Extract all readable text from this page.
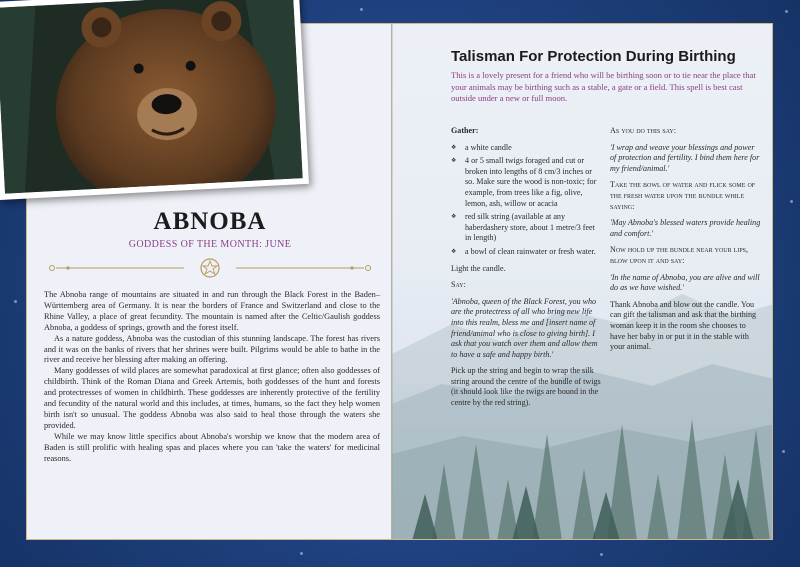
ABNOBA
GODDESS OF THE MONTH: JUNE

The Abnoba range of mountains are situated in and run through the Black Forest in the Baden–Württemberg area of Germany. It is near the borders of France and Switzerland and close to the Rhine Valley, a place of great fecundity. The mountain is named after the Celtic/Gaulish goddess Abnoba, a goddess of springs, growth and the forest itself.

As a nature goddess, Abnoba was the custodian of this stunning landscape. The forest has rivers and it was on the banks of rivers that her shrines were built. Pilgrims would be able to bathe in the river and receive her blessing after making an offering.

Many goddesses of wild places are somewhat paradoxical at first glance; often also goddesses of childbirth. Think of the Roman Diana and Greek Artemis, both goddesses of the hunt and forests and protectresses of women in childbirth. These goddesses are inherently protective of the fertility and fecundity of the natural world and this includes, at times, humans, so the fact they help women birth isn't so unusual. The goddess Abnoba was also said to heal those through the waters she provided.

While we may know little specifics about Abnoba's worship we know that the modern area of Baden is still prolific with healing spas and places where you can 'take the waters' for medicinal reasons.

Talisman For Protection During Birthing
This is a lovely present for a friend who will be birthing soon or to tie near the place that your animals may be birthing such as a stable, a gate or a field. This spell is best cast outside under a new or full moon.
Gather:
❖ a white candle
❖ 4 or 5 small twigs foraged and cut or broken into lengths of 8 cm/3 inches or so. Make sure the wood is non-toxic; for example, from trees like a fig, olive, lemon, ash, willow or acacia
❖ red silk string (available at any haberdashery store, about 1 metre/3 feet in length)
❖ a bowl of clean rainwater or fresh water.
Light the candle.
Say:
'Abnoba, queen of the Black Forest, you who are the protectress of all who bring new life into this realm, bless me and [insert name of friend/animal who is close to giving birth]. I ask that you watch over them and allow them to have a safe and happy birth.'
Pick up the string and begin to wrap the silk string around the centre of the bundle of twigs (it should look like the twigs are bound in the centre by the red string).
As you do this say:
'I wrap and weave your blessings and power of protection and fertility. I bind them here for my friend/animal.'
Take the bowl of water and flick some of the fresh water upon the bundle while saying:
'May Abnoba's blessed waters provide healing and comfort.'
Now hold up the bundle near your lips, blow upon it and say:
'In the name of Abnoba, you are alive and will do as we have wished.'
Thank Abnoba and blow out the candle. You can gift the talisman and ask that the birthing woman keep it in the room she chooses to have her baby in or put it in the stable with your animal.
